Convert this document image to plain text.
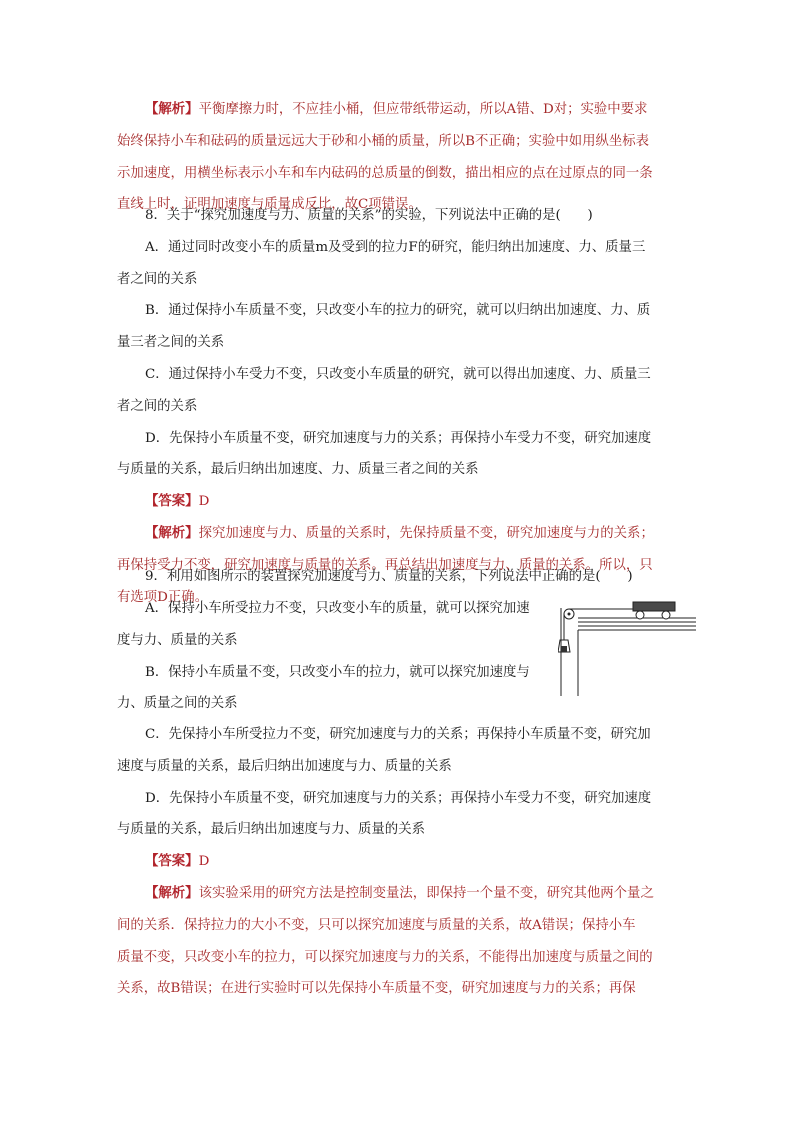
【解析】平衡摩擦力时，不应挂小桶，但应带纸带运动，所以A错、D对；实验中要求

始终保持小车和砝码的质量远远大于砂和小桶的质量，所以B不正确；实验中如用纵坐标表

示加速度，用横坐标表示小车和车内砝码的总质量的倒数，描出相应的点在过原点的同一条

直线上时，证明加速度与质量成反比，故C项错误。

8．关于“探究加速度与力、质量的关系”的实验，下列说法中正确的是(　　)

A．通过同时改变小车的质量m及受到的拉力F的研究，能归纳出加速度、力、质量三

者之间的关系

B．通过保持小车质量不变，只改变小车的拉力的研究，就可以归纳出加速度、力、质

量三者之间的关系

C．通过保持小车受力不变，只改变小车质量的研究，就可以得出加速度、力、质量三

者之间的关系

D．先保持小车质量不变，研究加速度与力的关系；再保持小车受力不变，研究加速度

与质量的关系，最后归纳出加速度、力、质量三者之间的关系

【答案】D

【解析】探究加速度与力、质量的关系时，先保持质量不变，研究加速度与力的关系；

再保持受力不变，研究加速度与质量的关系。再总结出加速度与力、质量的关系。所以，只

有选项D正确。

9．利用如图所示的装置探究加速度与力、质量的关系，下列说法中正确的是(　　)

A．保持小车所受拉力不变，只改变小车的质量，就可以探究加速

度与力、质量的关系

B．保持小车质量不变，只改变小车的拉力，就可以探究加速度与

力、质量之间的关系

C．先保持小车所受拉力不变，研究加速度与力的关系；再保持小车质量不变，研究加

速度与质量的关系，最后归纳出加速度与力、质量的关系

D．先保持小车质量不变，研究加速度与力的关系；再保持小车受力不变，研究加速度

与质量的关系，最后归纳出加速度与力、质量的关系

【答案】D

【解析】该实验采用的研究方法是控制变量法，即保持一个量不变，研究其他两个量之

间的关系．保持拉力的大小不变，只可以探究加速度与质量的关系，故A错误；保持小车

质量不变，只改变小车的拉力，可以探究加速度与力的关系，不能得出加速度与质量之间的

关系，故B错误；在进行实验时可以先保持小车质量不变，研究加速度与力的关系；再保
